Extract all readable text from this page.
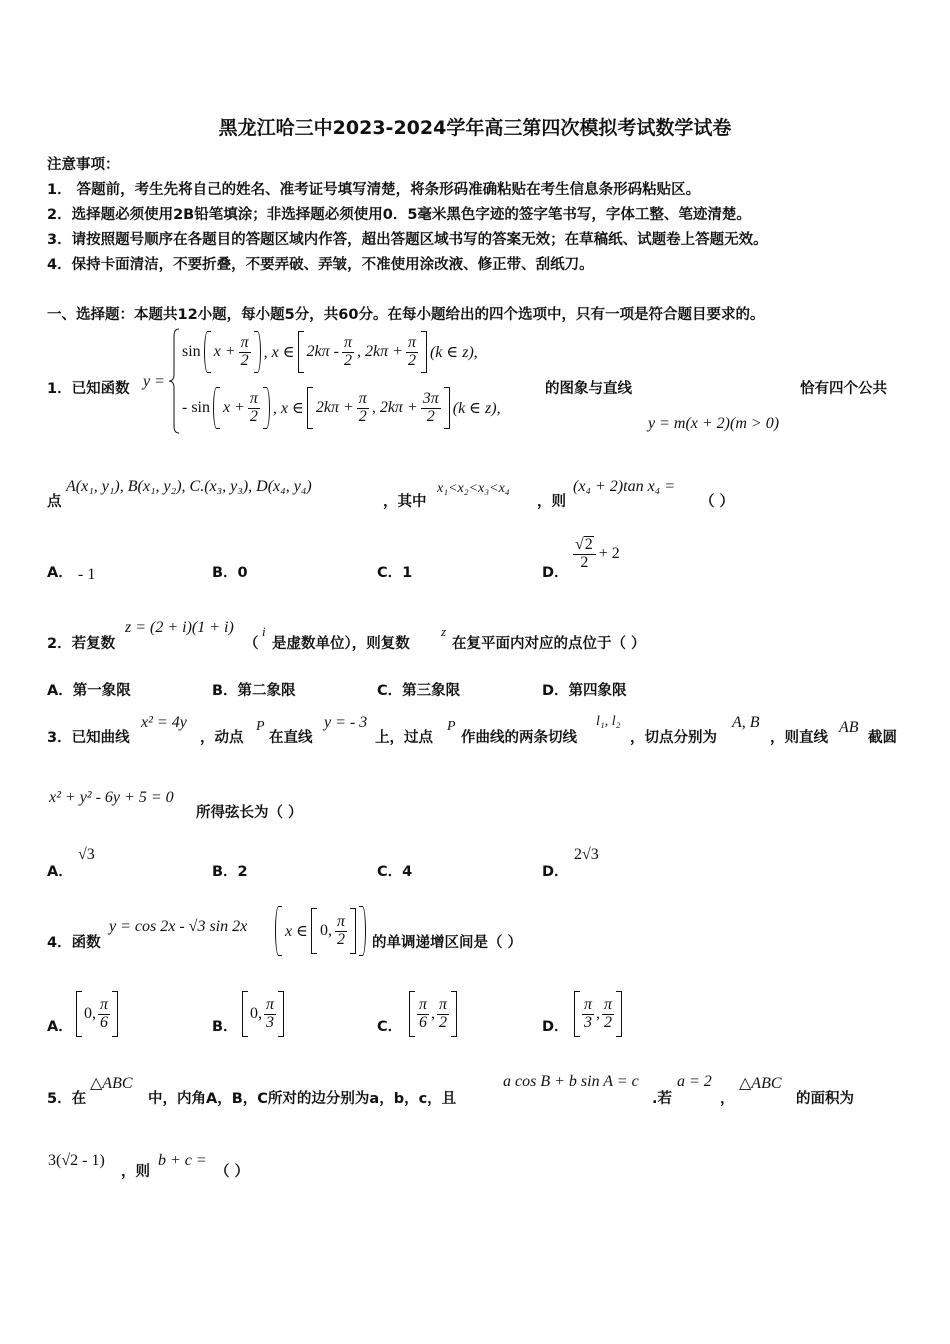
黑龙江哈三中2023-2024学年高三第四次模拟考试数学试卷
注意事项：
1． 答题前，考生先将自己的姓名、准考证号填写清楚，将条形码准确粘贴在考生信息条形码粘贴区。
2．选择题必须使用2B铅笔填涂；非选择题必须使用0．5毫米黑色字迹的签字笔书写，字体工整、笔迹清楚。
3．请按照题号顺序在各题目的答题区域内作答，超出答题区域书写的答案无效；在草稿纸、试题卷上答题无效。
4．保持卡面清洁，不要折叠，不要弄破、弄皱，不准使用涂改液、修正带、刮纸刀。
一、选择题：本题共12小题，每小题5分，共60分。在每小题给出的四个选项中，只有一项是符合题目要求的。
1．已知函数 y =
$\sin x + \frac{\pi}{2}$ , x ∈ $2k\pi - \frac{\pi}{2}$ , $2k\pi + \frac{\pi}{2} (k$ ∈ z),
- $\sin x + \frac{\pi}{2}$ , x ∈ $2k\pi + \frac{\pi}{2}$ , $2k\pi + \frac{3\pi}{2} (k$ ∈ z),
的图象与直线	恰有四个公共
y = m(x + 2)(m > 0)
点
A(x₁, y₁), B(x₁, y₂), C.(x₃, y₃), D(x₄, y₄)
，其中
x₁<x₂<x₃<x₄
，则
(x₄ + 2)tan x₄ =
（ ）
A． - 1	B．0	C．1	D．
$\frac{√2}{2} + 2$
2．若复数
z = (2 + i)(1 + i)
（
i
是虚数单位），则复数
z
在复平面内对应的点位于（ ）
A．第一象限	B．第二象限	C．第三象限	D．第四象限
3．已知曲线
x² = 4y
，动点
P
在直线
y = - 3
上，过点
P
作曲线的两条切线
l₁, l₂
，切点分别为
A, B
，则直线
AB
截圆
x² + y² - 6y + 5 = 0
所得弦长为（ ）
A．
√3
B．2	C．4	D．
2√3
4．函数
y = cos 2x - √3 sin 2x x ∈ 0, $\frac{\pi}{2}$ 的单调递增区间是（ ）
A．
0, $\frac{\pi}{6}$	B．
0, $\frac{\pi}{3}$	C． $\frac{\pi}{6}$ , $\frac{\pi}{2}$	D． $\frac{\pi}{3}$ , $\frac{\pi}{2}$
5．在
△ABC
中，内角A，B，C所对的边分别为a，b，c，且
a cos B + b sin A = c
.若
a = 2
，
△ABC
的面积为
3(√2 - 1)
，则
b + c =
（ ）
